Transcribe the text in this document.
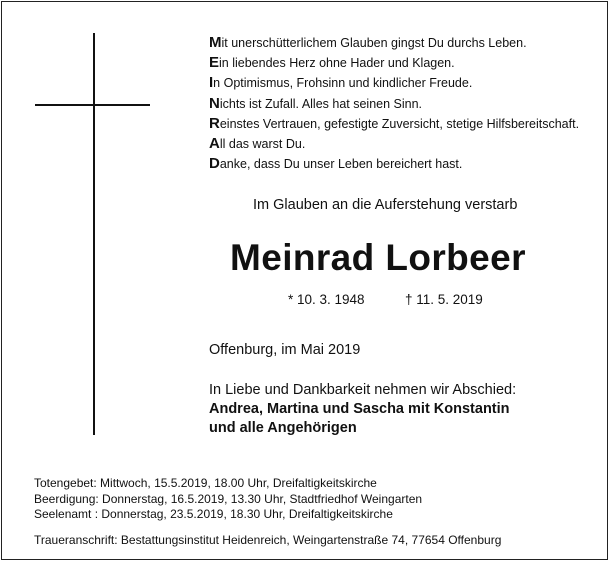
Mit unerschütterlichem Glauben gingst Du durchs Leben.
Ein liebendes Herz ohne Hader und Klagen.
In Optimismus, Frohsinn und kindlicher Freude.
Nichts ist Zufall. Alles hat seinen Sinn.
Reinstes Vertrauen, gefestigte Zuversicht, stetige Hilfsbereitschaft.
All das warst Du.
Danke, dass Du unser Leben bereichert hast.
Im Glauben an die Auferstehung verstarb
Meinrad Lorbeer
* 10. 3. 1948	† 11. 5. 2019
Offenburg, im Mai 2019
In Liebe und Dankbarkeit nehmen wir Abschied:
Andrea, Martina und Sascha mit Konstantin
und alle Angehörigen
Totengebet: Mittwoch, 15.5.2019, 18.00 Uhr, Dreifaltigkeitskirche
Beerdigung: Donnerstag, 16.5.2019, 13.30 Uhr, Stadtfriedhof Weingarten
Seelenamt : Donnerstag, 23.5.2019, 18.30 Uhr, Dreifaltigkeitskirche
Traueranschrift: Bestattungsinstitut Heidenreich, Weingartenstraße 74, 77654 Offenburg
